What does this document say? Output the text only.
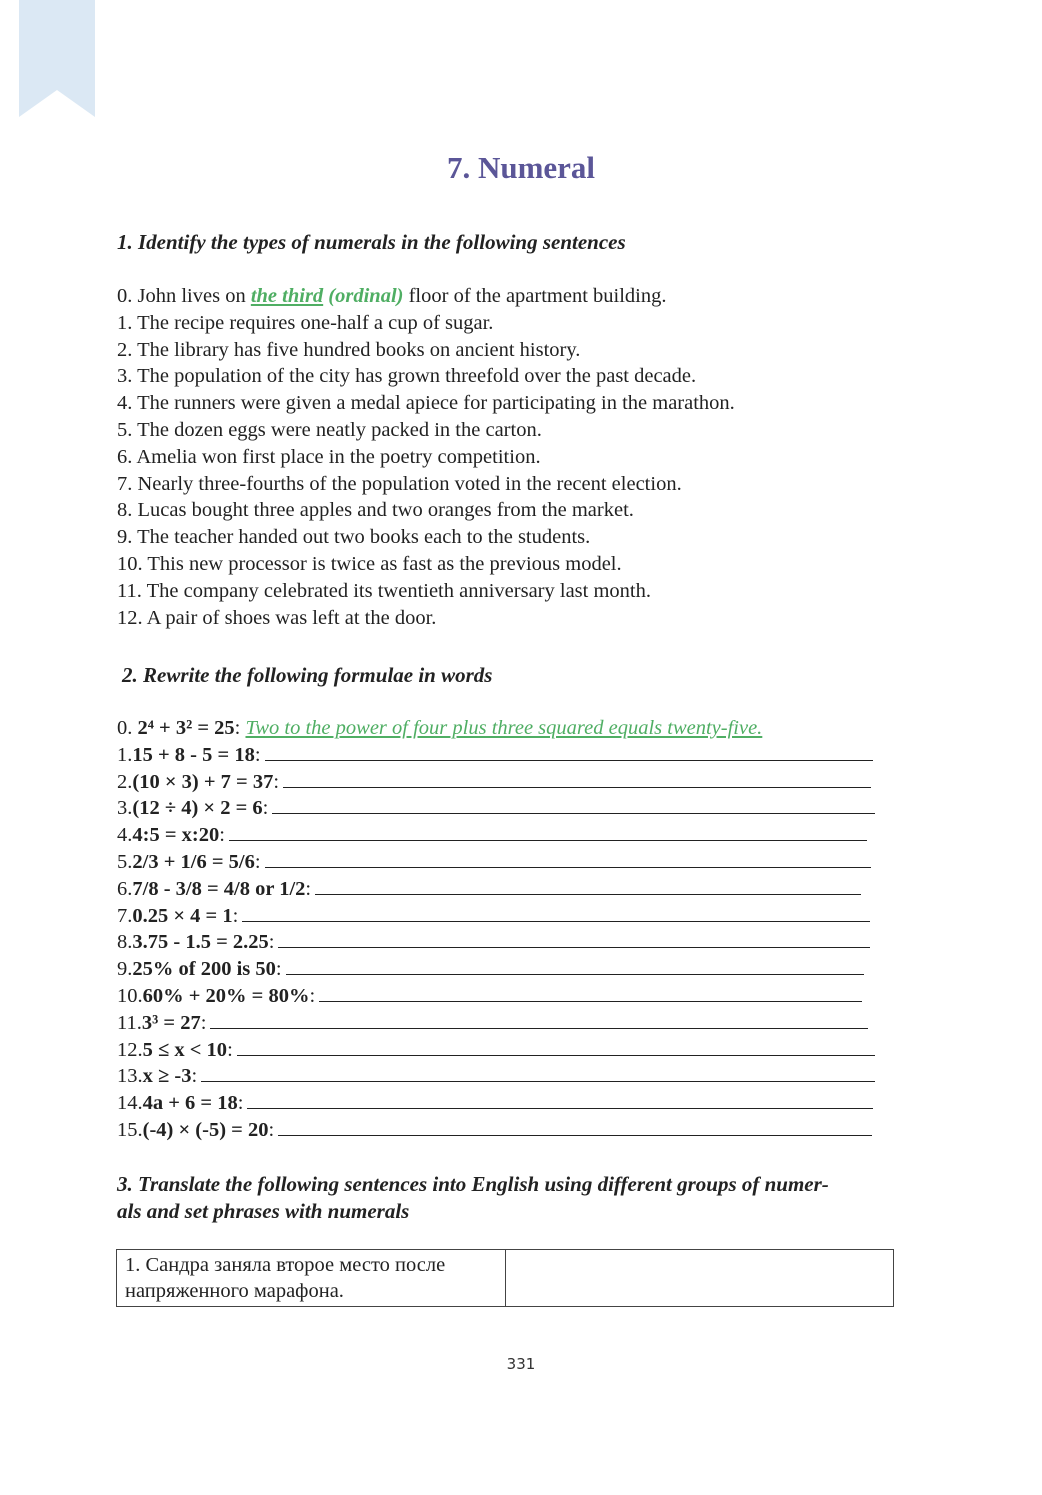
7. Numeral

1. Identify the types of numerals in the following sentences

0. John lives on the third (ordinal) floor of the apartment building.
1. The recipe requires one-half a cup of sugar.
2. The library has five hundred books on ancient history.
3. The population of the city has grown threefold over the past decade.
4. The runners were given a medal apiece for participating in the marathon.
5. The dozen eggs were neatly packed in the carton.
6. Amelia won first place in the poetry competition.
7. Nearly three-fourths of the population voted in the recent election.
8. Lucas bought three apples and two oranges from the market.
9. The teacher handed out two books each to the students.
10. This new processor is twice as fast as the previous model.
11. The company celebrated its twentieth anniversary last month.
12. A pair of shoes was left at the door.

2. Rewrite the following formulae in words

0. 2⁴ + 3² = 25: Two to the power of four plus three squared equals twenty-five.
1. 15 + 8 - 5 = 18 :
2. (10 × 3) + 7 = 37 :
3. (12 ÷ 4) × 2 = 6 :
4. 4:5 = x:20 :
5. 2/3 + 1/6 = 5/6 :
6. 7/8 - 3/8 = 4/8 or 1/2 :
7. 0.25 × 4 = 1 :
8. 3.75 - 1.5 = 2.25 :
9. 25% of 200 is 50 :
10. 60% + 20% = 80% :
11. 3³ = 27 :
12. 5 ≤ x < 10 :
13. x ≥ -3 :
14. 4a + 6 = 18 :
15. (-4) × (-5) = 20 :

3. Translate the following sentences into English using different groups of numer-
als and set phrases with numerals

1. Сандра заняла второе место после напряженного марафона.	
331
